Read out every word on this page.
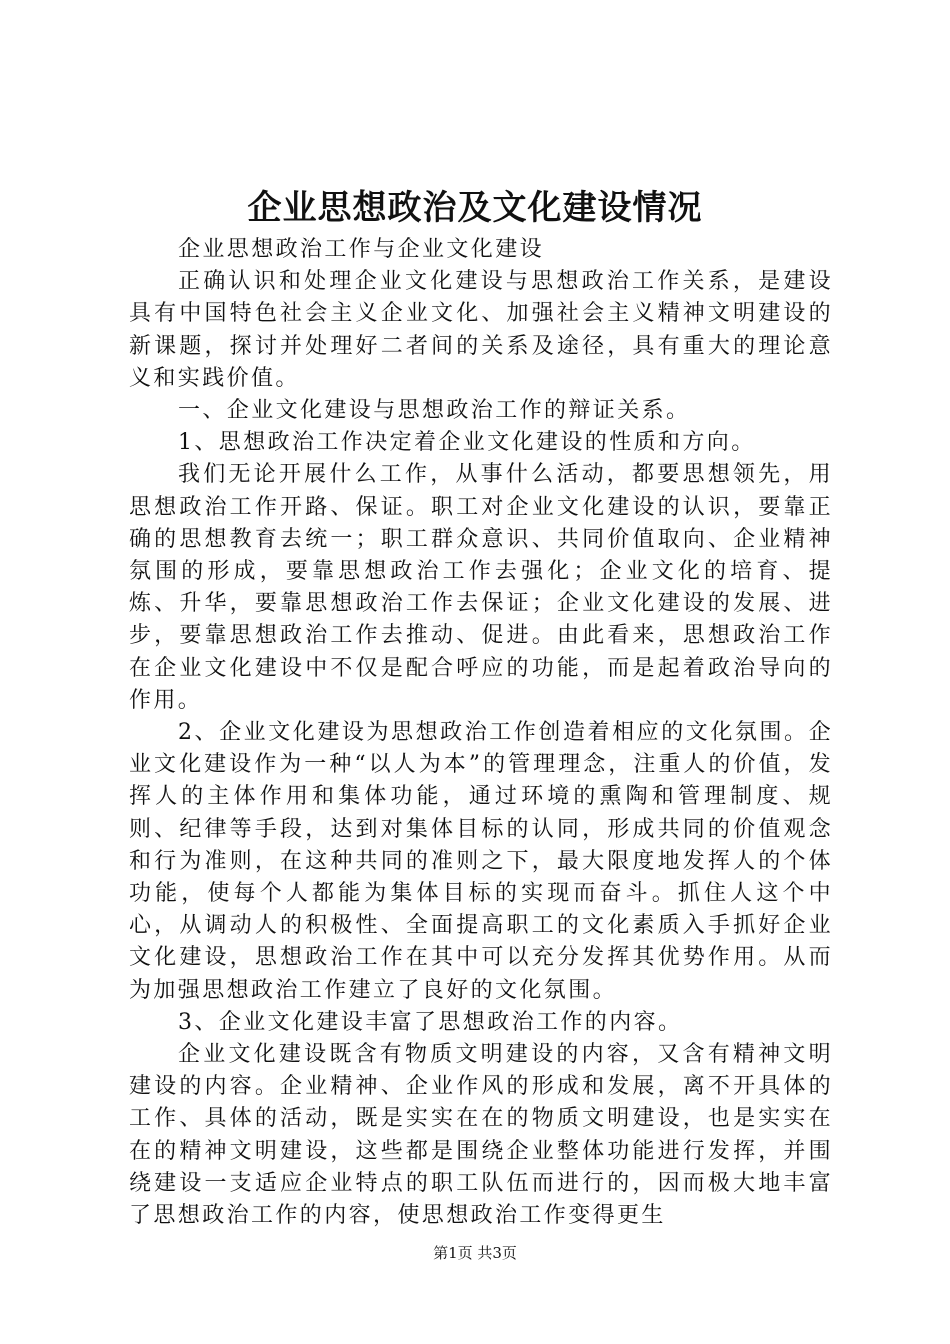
企业思想政治及文化建设情况

企业思想政治工作与企业文化建设

正确认识和处理企业文化建设与思想政治工作关系，是建设具有中国特色社会主义企业文化、加强社会主义精神文明建设的新课题，探讨并处理好二者间的关系及途径，具有重大的理论意义和实践价值。

一、企业文化建设与思想政治工作的辩证关系。

1、思想政治工作决定着企业文化建设的性质和方向。

我们无论开展什么工作，从事什么活动，都要思想领先，用思想政治工作开路、保证。职工对企业文化建设的认识，要靠正确的思想教育去统一；职工群众意识、共同价值取向、企业精神氛围的形成，要靠思想政治工作去强化；企业文化的培育、提炼、升华，要靠思想政治工作去保证；企业文化建设的发展、进步，要靠思想政治工作去推动、促进。由此看来，思想政治工作在企业文化建设中不仅是配合呼应的功能，而是起着政治导向的作用。

2、企业文化建设为思想政治工作创造着相应的文化氛围。企业文化建设作为一种“以人为本”的管理理念，注重人的价值，发挥人的主体作用和集体功能，通过环境的熏陶和管理制度、规则、纪律等手段，达到对集体目标的认同，形成共同的价值观念和行为准则，在这种共同的准则之下，最大限度地发挥人的个体功能，使每个人都能为集体目标的实现而奋斗。抓住人这个中心，从调动人的积极性、全面提高职工的文化素质入手抓好企业文化建设，思想政治工作在其中可以充分发挥其优势作用。从而为加强思想政治工作建立了良好的文化氛围。

3、企业文化建设丰富了思想政治工作的内容。

企业文化建设既含有物质文明建设的内容，又含有精神文明建设的内容。企业精神、企业作风的形成和发展，离不开具体的工作、具体的活动，既是实实在在的物质文明建设，也是实实在在的精神文明建设，这些都是围绕企业整体功能进行发挥，并围绕建设一支适应企业特点的职工队伍而进行的，因而极大地丰富了思想政治工作的内容，使思想政治工作变得更生

第1页 共3页
